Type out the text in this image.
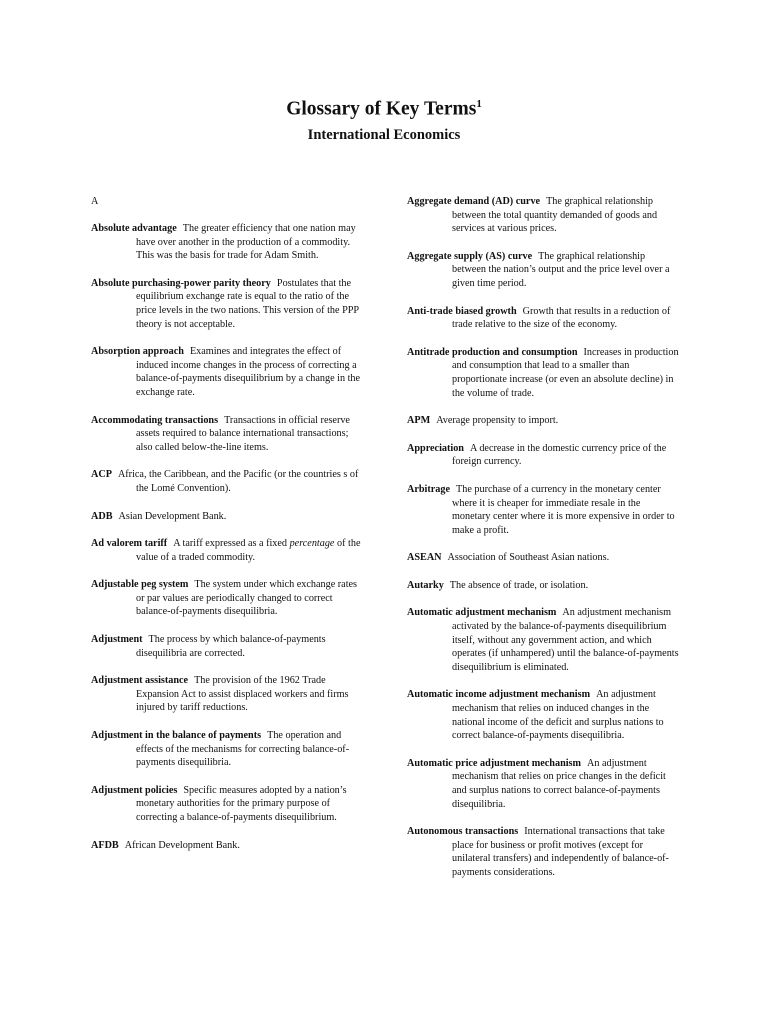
Glossary of Key Terms$^1$
International Economics
A

Absolute advantage The greater efficiency that one nation may have over another in the production of a commodity. This was the basis for trade for Adam Smith.

Absolute purchasing-power parity theory Postulates that the equilibrium exchange rate is equal to the ratio of the price levels in the two nations. This version of the PPP theory is not acceptable.

Absorption approach Examines and integrates the effect of induced income changes in the process of correcting a balance-of-payments disequilibrium by a change in the exchange rate.

Accommodating transactions Transactions in official reserve assets required to balance international transactions; also called below-the-line items.

ACP Africa, the Caribbean, and the Pacific (or the countries s of the Lomé Convention).

ADB Asian Development Bank.

Ad valorem tariff A tariff expressed as a fixed percentage of the value of a traded commodity.

Adjustable peg system The system under which exchange rates or par values are periodically changed to correct balance-of-payments disequilibria.

Adjustment The process by which balance-of-payments disequilibria are corrected.

Adjustment assistance The provision of the 1962 Trade Expansion Act to assist displaced workers and firms injured by tariff reductions.

Adjustment in the balance of payments The operation and effects of the mechanisms for correcting balance-of-payments disequilibria.

Adjustment policies Specific measures adopted by a nation’s monetary authorities for the primary purpose of correcting a balance-of-payments disequilibrium.

AFDB African Development Bank.

Aggregate demand (AD) curve The graphical relationship between the total quantity demanded of goods and services at various prices.

Aggregate supply (AS) curve The graphical relationship between the nation’s output and the price level over a given time period.

Anti-trade biased growth Growth that results in a reduction of trade relative to the size of the economy.

Antitrade production and consumption Increases in production and consumption that lead to a smaller than proportionate increase (or even an absolute decline) in the volume of trade.

APM Average propensity to import.

Appreciation A decrease in the domestic currency price of the foreign currency.

Arbitrage The purchase of a currency in the monetary center where it is cheaper for immediate resale in the monetary center where it is more expensive in order to make a profit.

ASEAN Association of Southeast Asian nations.

Autarky The absence of trade, or isolation.

Automatic adjustment mechanism An adjustment mechanism activated by the balance-of-payments disequilibrium itself, without any government action, and which operates (if unhampered) until the balance-of-payments disequilibrium is eliminated.

Automatic income adjustment mechanism An adjustment mechanism that relies on induced changes in the national income of the deficit and surplus nations to correct balance-of-payments disequilibria.

Automatic price adjustment mechanism An adjustment mechanism that relies on price changes in the deficit and surplus nations to correct balance-of-payments disequilibria.

Autonomous transactions International transactions that take place for business or profit motives (except for unilateral transfers) and independently of balance-of-payments considerations.
